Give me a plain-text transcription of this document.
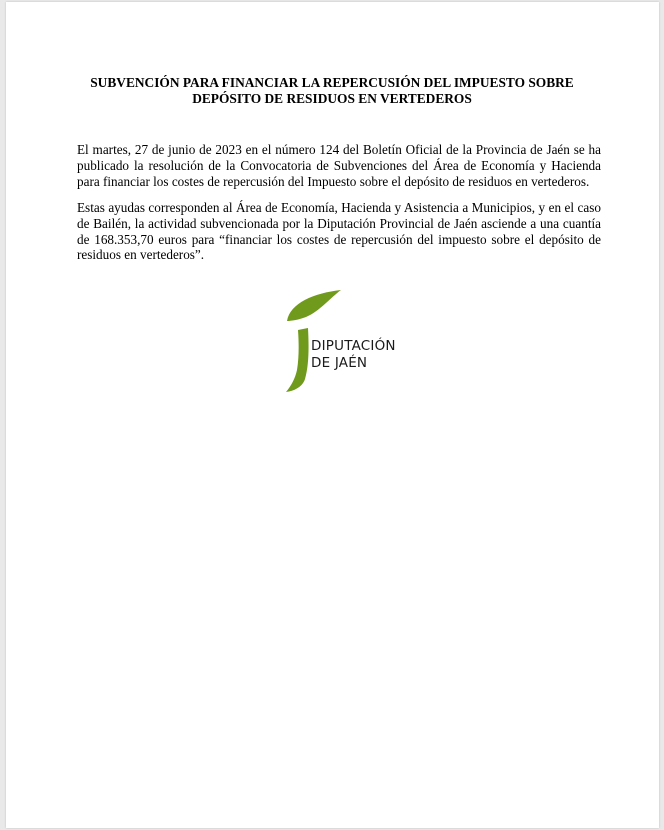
SUBVENCIÓN PARA FINANCIAR LA REPERCUSIÓN DEL IMPUESTO SOBRE
DEPÓSITO DE RESIDUOS EN VERTEDEROS

El martes, 27 de junio de 2023 en el número 124 del Boletín Oficial de la Provincia de Jaén se ha publicado la resolución de la Convocatoria de Subvenciones del Área de Economía y Hacienda para financiar los costes de repercusión del Impuesto sobre el depósito de residuos en vertederos.

Estas ayudas corresponden al Área de Economía, Hacienda y Asistencia a Municipios, y en el caso de Bailén, la actividad subvencionada por la Diputación Provincial de Jaén asciende a una cuantía de 168.353,70 euros para “financiar los costes de repercusión del impuesto sobre el depósito de residuos en vertederos”.

DIPUTACIÓN
DE JAÉN
